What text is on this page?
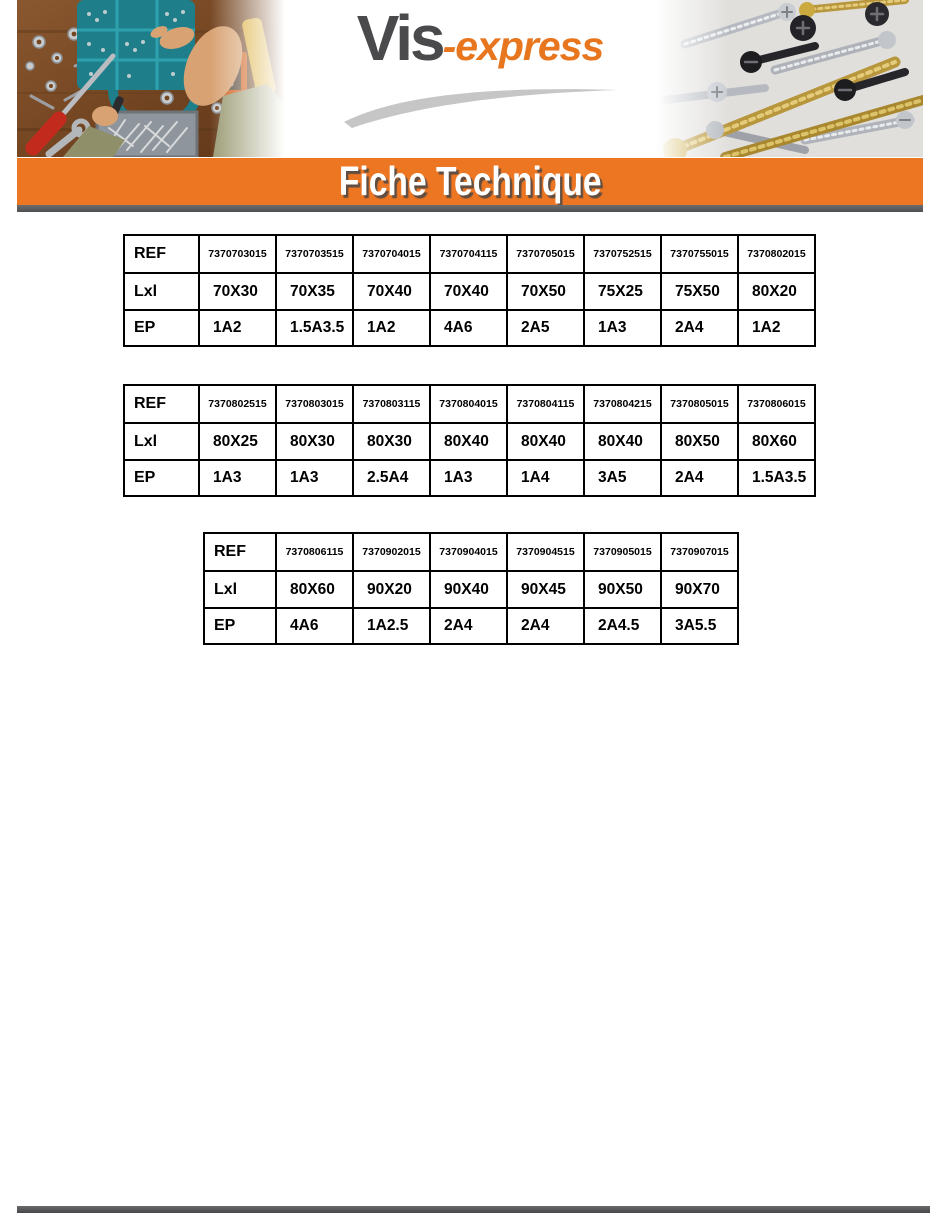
Vis -express
Fiche Technique
REF	7370703015	7370703515	7370704015	7370704115	7370705015	7370752515	7370755015	7370802015
Lxl	70X30	70X35	70X40	70X40	70X50	75X25	75X50	80X20
EP	1A2	1.5A3.5	1A2	4A6	2A5	1A3	2A4	1A2
REF	7370802515	7370803015	7370803115	7370804015	7370804115	7370804215	7370805015	7370806015
Lxl	80X25	80X30	80X30	80X40	80X40	80X40	80X50	80X60
EP	1A3	1A3	2.5A4	1A3	1A4	3A5	2A4	1.5A3.5
REF	7370806115	7370902015	7370904015	7370904515	7370905015	7370907015
Lxl	80X60	90X20	90X40	90X45	90X50	90X70
EP	4A6	1A2.5	2A4	2A4	2A4.5	3A5.5
